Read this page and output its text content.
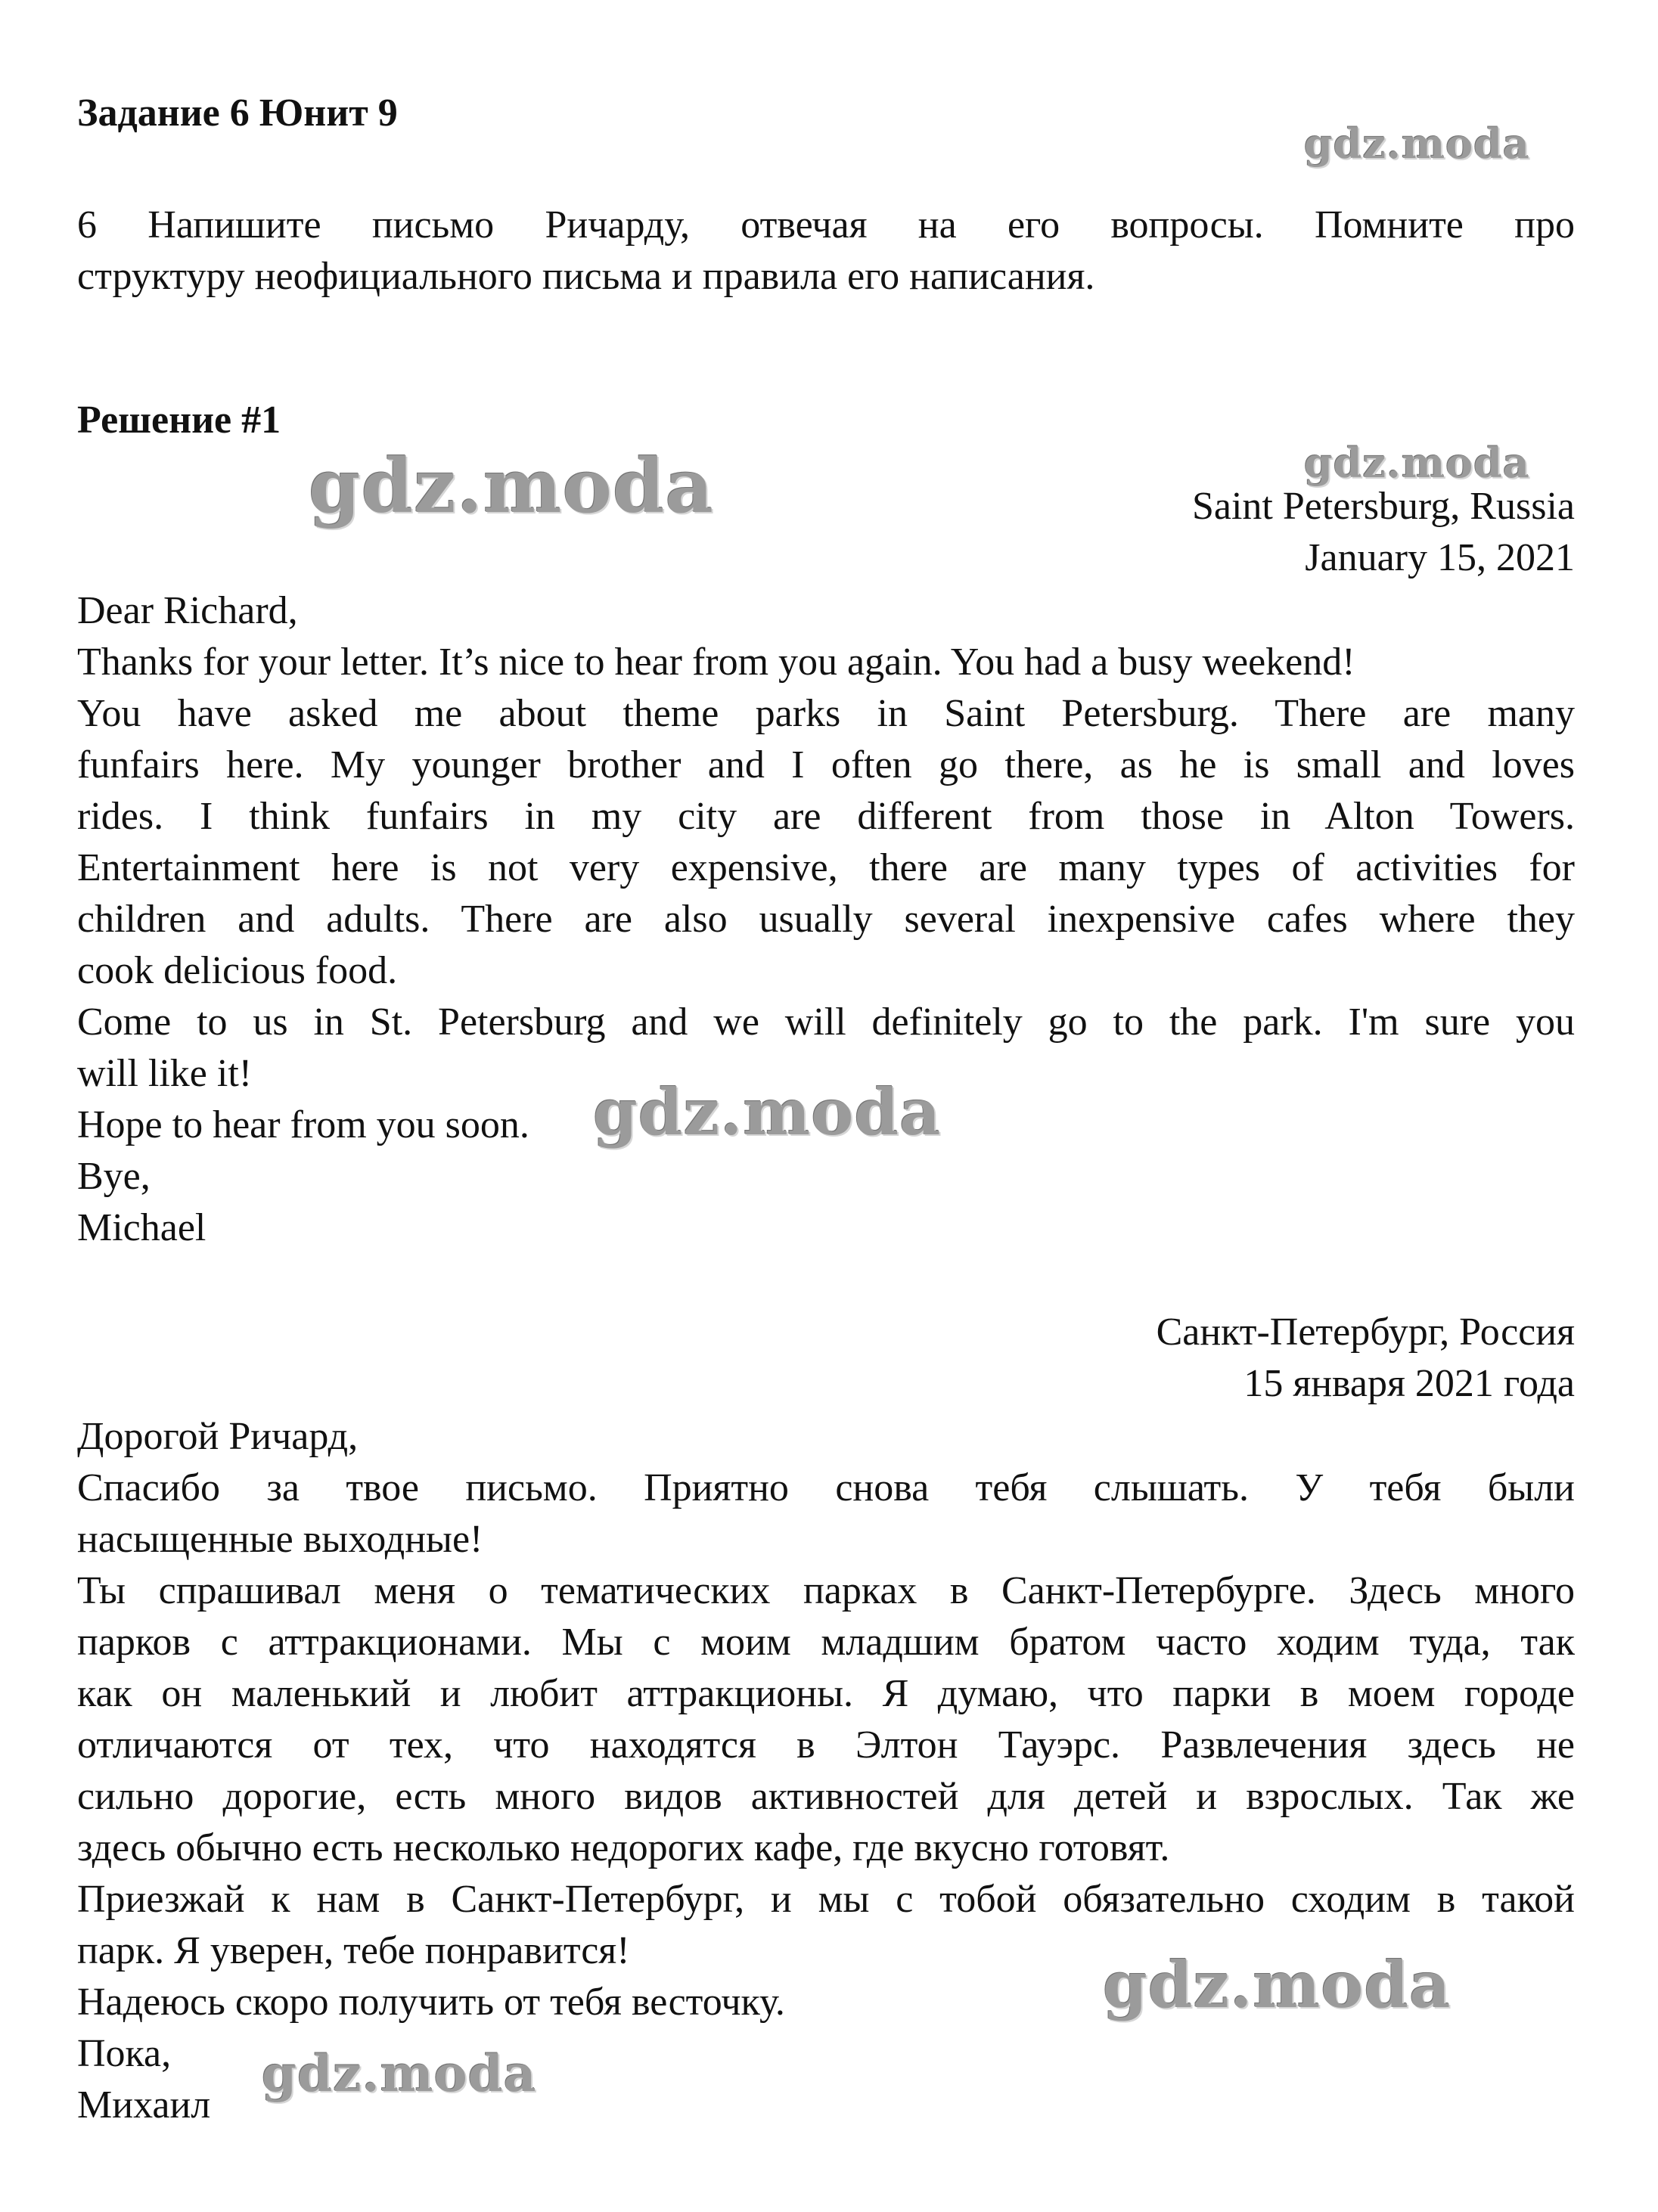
Задание 6 Юнит 9
6 Напишите письмо Ричарду, отвечая на его вопросы. Помните про
структуру неофициального письма и правила его написания.
Решение #1
Saint Petersburg, Russia
January 15, 2021
Dear Richard,
Thanks for your letter. It’s nice to hear from you again. You had a busy weekend!
You have asked me about theme parks in Saint Petersburg. There are many
funfairs here. My younger brother and I often go there, as he is small and loves
rides. I think funfairs in my city are different from those in Alton Towers.
Entertainment here is not very expensive, there are many types of activities for
children and adults. There are also usually several inexpensive cafes where they
cook delicious food.
Come to us in St. Petersburg and we will definitely go to the park. I'm sure you
will like it!
Hope to hear from you soon.
Bye,
Michael
Санкт-Петербург, Россия
15 января 2021 года
Дорогой Ричард,
Спасибо за твое письмо. Приятно снова тебя слышать. У тебя были
насыщенные выходные!
Ты спрашивал меня о тематических парках в Санкт-Петербурге. Здесь много
парков с аттракционами. Мы с моим младшим братом часто ходим туда, так
как он маленький и любит аттракционы. Я думаю, что парки в моем городе
отличаются от тех, что находятся в Элтон Тауэрс. Развлечения здесь не
сильно дорогие, есть много видов активностей для детей и взрослых. Так же
здесь обычно есть несколько недорогих кафе, где вкусно готовят.
Приезжай к нам в Санкт-Петербург, и мы с тобой обязательно сходим в такой
парк. Я уверен, тебе понравится!
Надеюсь скоро получить от тебя весточку.
Пока,
Михаил
gdz.moda
gdz.moda	gdz.moda
gdz.moda
gdz.moda
gdz.moda
